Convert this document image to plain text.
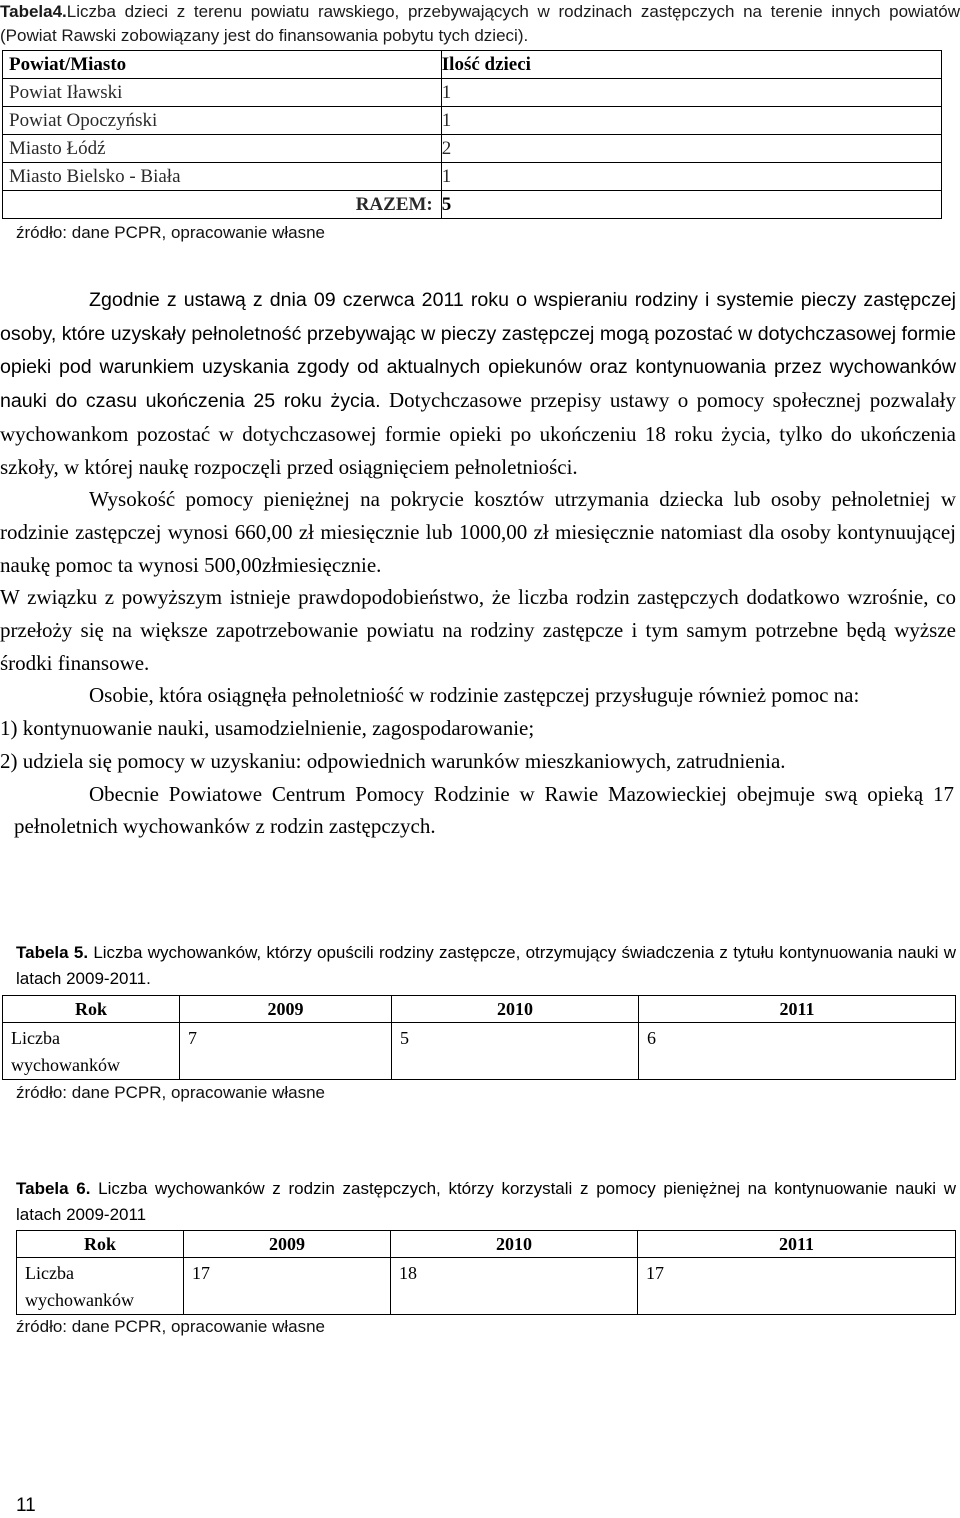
Tabela4.Liczba dzieci z terenu powiatu rawskiego, przebywających w rodzinach zastępczych na terenie innych powiatów (Powiat Rawski zobowiązany jest do finansowania pobytu tych dzieci).
Powiat/Miasto	Ilość dzieci
Powiat Iławski	1
Powiat Opoczyński	1
Miasto Łódź	2
Miasto Bielsko - Biała	1
RAZEM:	5
źródło: dane PCPR, opracowanie własne

Zgodnie z ustawą z dnia 09 czerwca 2011 roku o wspieraniu rodziny i systemie pieczy zastępczej osoby, które uzyskały pełnoletność przebywając w pieczy zastępczej mogą pozostać w dotychczasowej formie opieki pod warunkiem uzyskania zgody od aktualnych opiekunów oraz kontynuowania przez wychowanków nauki do czasu ukończenia 25 roku życia. Dotychczasowe przepisy ustawy o pomocy społecznej pozwalały wychowankom pozostać w dotychczasowej formie opieki po ukończeniu 18 roku życia, tylko do ukończenia szkoły, w której naukę rozpoczęli przed osiągnięciem pełnoletniości.

Wysokość pomocy pieniężnej na pokrycie kosztów utrzymania dziecka lub osoby pełnoletniej w rodzinie zastępczej wynosi 660,00 zł miesięcznie lub 1000,00 zł miesięcznie natomiast dla osoby kontynuującej naukę pomoc ta wynosi 500,00złmiesięcznie.

W związku z powyższym istnieje prawdopodobieństwo, że liczba rodzin zastępczych dodatkowo wzrośnie, co przełoży się na większe zapotrzebowanie powiatu na rodziny zastępcze i tym samym potrzebne będą wyższe środki finansowe.

Osobie, która osiągnęła pełnoletniość w rodzinie zastępczej przysługuje również pomoc na:

1) kontynuowanie nauki, usamodzielnienie, zagospodarowanie;

2) udziela się pomocy w uzyskaniu: odpowiednich warunków mieszkaniowych, zatrudnienia.

Obecnie Powiatowe Centrum Pomocy Rodzinie w Rawie Mazowieckiej obejmuje swą opieką 17 pełnoletnich wychowanków z rodzin zastępczych.

Tabela 5. Liczba wychowanków, którzy opuścili rodziny zastępcze, otrzymujący świadczenia z tytułu kontynuowania nauki w latach 2009-2011.
Rok	2009	2010	2011
Liczba wychowanków	7	5	6
źródło: dane PCPR, opracowanie własne
Tabela 6. Liczba wychowanków z rodzin zastępczych, którzy korzystali z pomocy pieniężnej na kontynuowanie nauki w latach 2009-2011
Rok	2009	2010	2011
Liczba wychowanków	17	18	17
źródło: dane PCPR, opracowanie własne
11
